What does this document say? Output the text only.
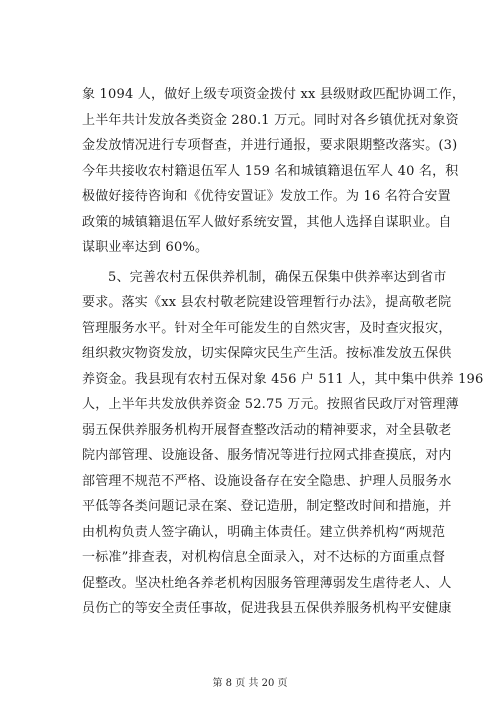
象 1094 人，做好上级专项资金拨付 xx 县级财政匹配协调工作，
上半年共计发放各类资金 280.1 万元。同时对各乡镇优抚对象资
金发放情况进行专项督查，并进行通报，要求限期整改落实。(3)
今年共接收农村籍退伍军人 159 名和城镇籍退伍军人 40 名，积
极做好接待咨询和《优待安置证》发放工作。为 16 名符合安置
政策的城镇籍退伍军人做好系统安置，其他人选择自谋职业。自
谋职业率达到 60%。
5、完善农村五保供养机制，确保五保集中供养率达到省市
要求。落实《xx 县农村敬老院建设管理暂行办法》，提高敬老院
管理服务水平。针对全年可能发生的自然灾害，及时查灾报灾，
组织救灾物资发放，切实保障灾民生产生活。按标准发放五保供
养资金。我县现有农村五保对象 456 户 511 人，其中集中供养 196
人，上半年共发放供养资金 52.75 万元。按照省民政厅对管理薄
弱五保供养服务机构开展督查整改活动的精神要求，对全县敬老
院内部管理、设施设备、服务情况等进行拉网式排查摸底，对内
部管理不规范不严格、设施设备存在安全隐患、护理人员服务水
平低等各类问题记录在案、登记造册，制定整改时间和措施，并
由机构负责人签字确认，明确主体责任。建立供养机构“两规范
一标准”排查表，对机构信息全面录入，对不达标的方面重点督
促整改。坚决杜绝各养老机构因服务管理薄弱发生虐待老人、人
员伤亡的等安全责任事故，促进我县五保供养服务机构平安健康
第 8 页 共 20 页
